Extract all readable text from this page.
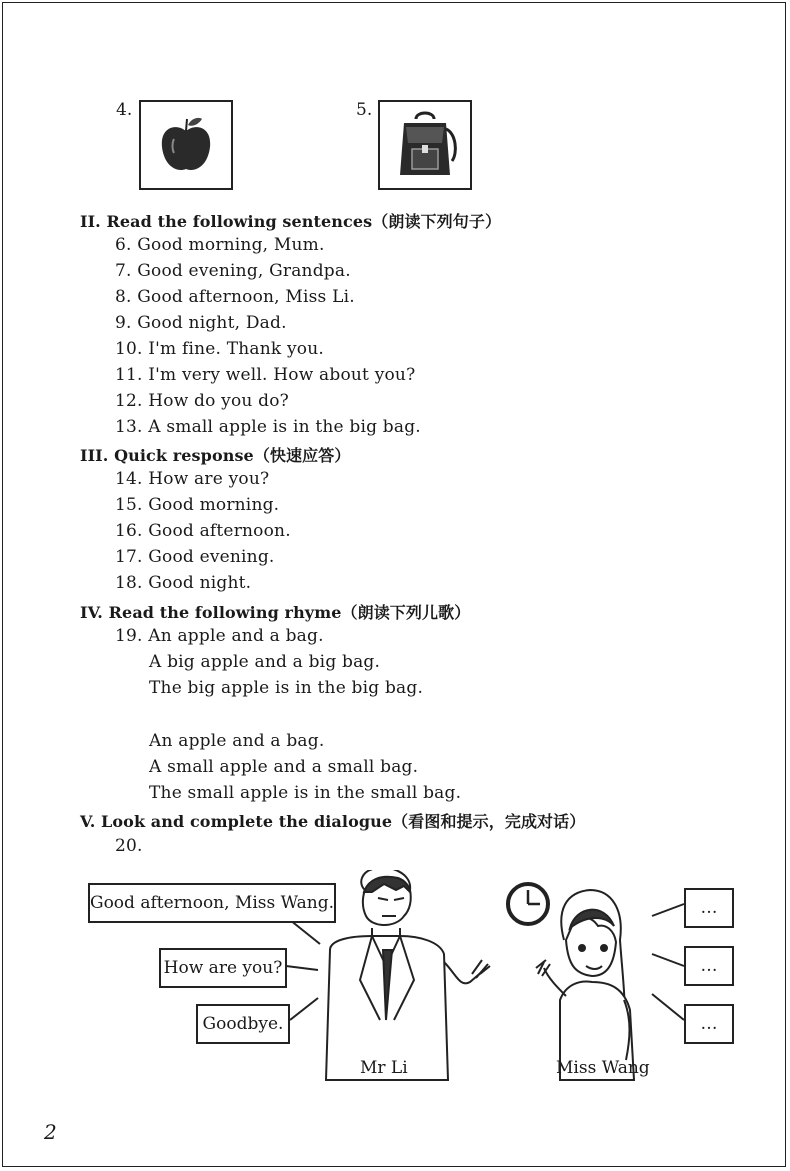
4.	5.
II. Read the following sentences（朗读下列句子）
6. Good morning, Mum.
7. Good evening, Grandpa.
8. Good afternoon, Miss Li.
9. Good night, Dad.
10. I'm fine. Thank you.
11. I'm very well. How about you?
12. How do you do?
13. A small apple is in the big bag.
III. Quick response（快速应答）
14. How are you?
15. Good morning.
16. Good afternoon.
17. Good evening.
18. Good night.
IV. Read the following rhyme（朗读下列儿歌）
19. An apple and a bag.
A big apple and a big bag.
The big apple is in the big bag.
An apple and a bag.
A small apple and a small bag.
The small apple is in the small bag.
V. Look and complete the dialogue（看图和提示，完成对话）
20.
Good afternoon, Miss Wang.
How are you?
Goodbye.
…
…
…
Mr Li	Miss Wang
2
